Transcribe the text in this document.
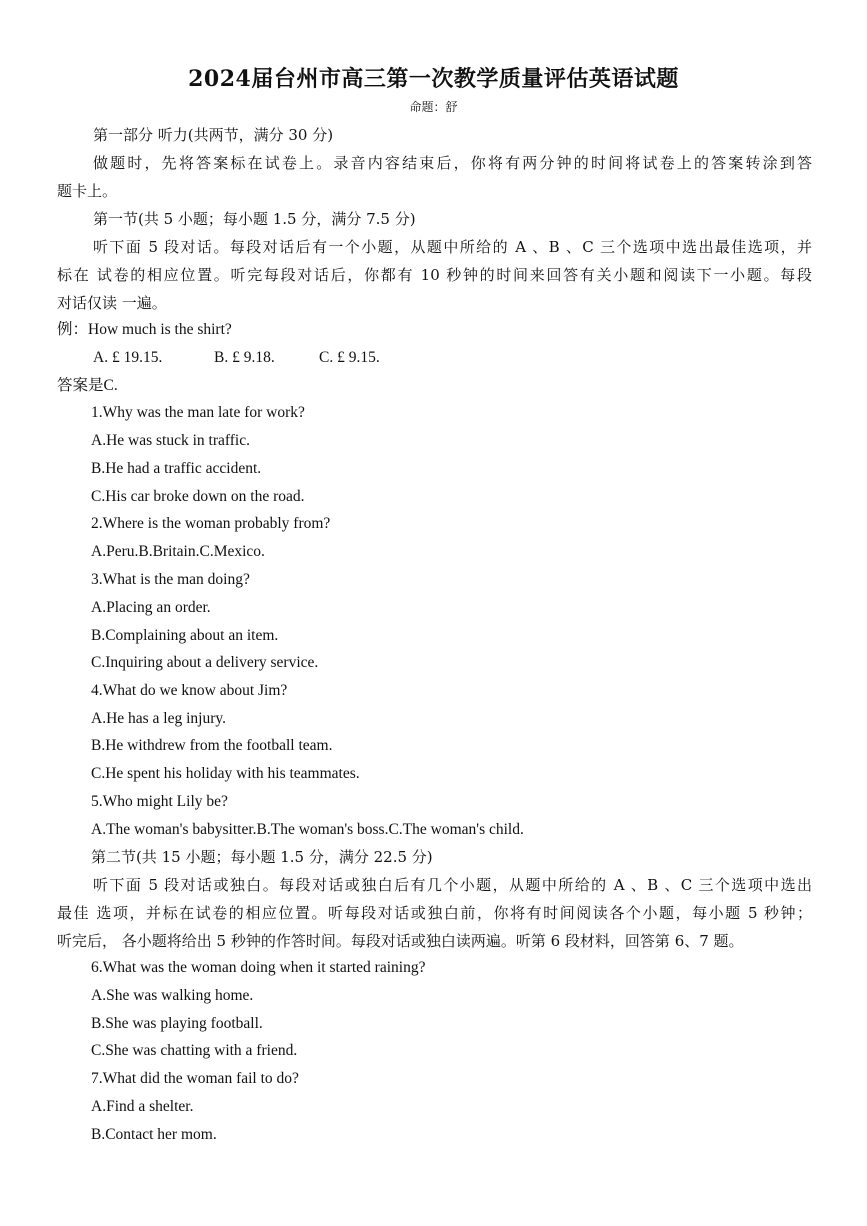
2024届台州市高三第一次教学质量评估英语试题
命题：舒
第一部分 听力(共两节，满分 30 分)
做题时，先将答案标在试卷上。录音内容结束后，你将有两分钟的时间将试卷上的答案转涂到答
题卡上。
第一节(共 5 小题；每小题 1.5 分，满分 7.5 分)
听下面 5 段对话。每段对话后有一个小题，从题中所给的 A 、B 、C 三个选项中选出最佳选项，并
标在 试卷的相应位置。听完每段对话后，你都有 10 秒钟的时间来回答有关小题和阅读下一小题。每段
对话仅读 一遍。
例：How much is the shirt?
A. £ 19.15.	B. £ 9.18.	C. £ 9.15.
答案是C.
1.Why was the man late for work?
A.He was stuck in traffic.
B.He had a traffic accident.
C.His car broke down on the road.
2.Where is the woman probably from?
A.Peru.B.Britain.C.Mexico.
3.What is the man doing?
A.Placing an order.
B.Complaining about an item.
C.Inquiring about a delivery service.
4.What do we know about Jim?
A.He has a leg injury.
B.He withdrew from the football team.
C.He spent his holiday with his teammates.
5.Who might Lily be?
A.The woman's babysitter.B.The woman's boss.C.The woman's child.
第二节(共 15 小题；每小题 1.5 分，满分 22.5 分)
听下面 5 段对话或独白。每段对话或独白后有几个小题，从题中所给的 A 、B 、C 三个选项中选出
最佳 选项，并标在试卷的相应位置。听每段对话或独白前，你将有时间阅读各个小题，每小题 5 秒钟；
听完后， 各小题将给出 5 秒钟的作答时间。每段对话或独白读两遍。听第 6 段材料，回答第 6、7 题。
6.What was the woman doing when it started raining?
A.She was walking home.
B.She was playing football.
C.She was chatting with a friend.
7.What did the woman fail to do?
A.Find a shelter.
B.Contact her mom.
